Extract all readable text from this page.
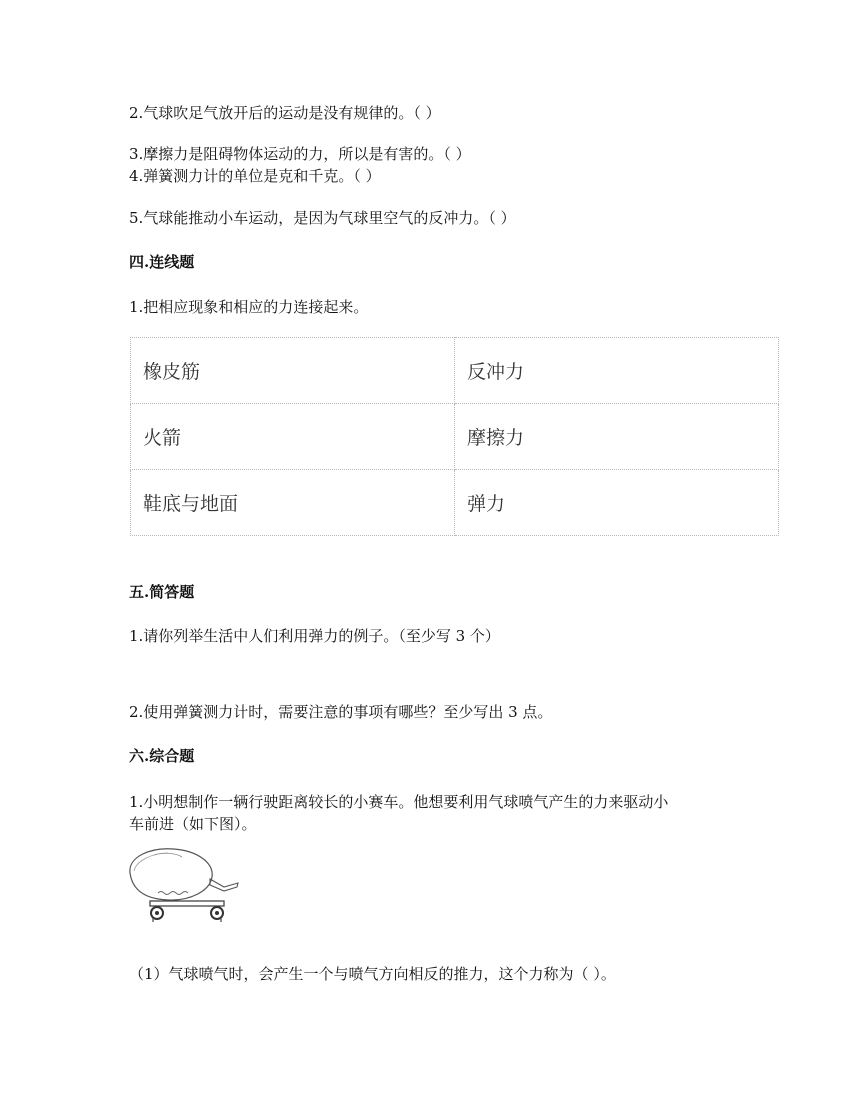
2.气球吹足气放开后的运动是没有规律的。（ ）
3.摩擦力是阻碍物体运动的力，所以是有害的。（ ）
4.弹簧测力计的单位是克和千克。（ ）
5.气球能推动小车运动，是因为气球里空气的反冲力。（ ）
四.连线题
1.把相应现象和相应的力连接起来。
橡皮筋	反冲力
火箭	摩擦力
鞋底与地面	弹力
五.简答题
1.请你列举生活中人们利用弹力的例子。（至少写 3 个）
2.使用弹簧测力计时，需要注意的事项有哪些？至少写出 3 点。
六.综合题
1.小明想制作一辆行驶距离较长的小赛车。他想要利用气球喷气产生的力来驱动小
车前进（如下图）。
（1）气球喷气时，会产生一个与喷气方向相反的推力，这个力称为（ ）。
